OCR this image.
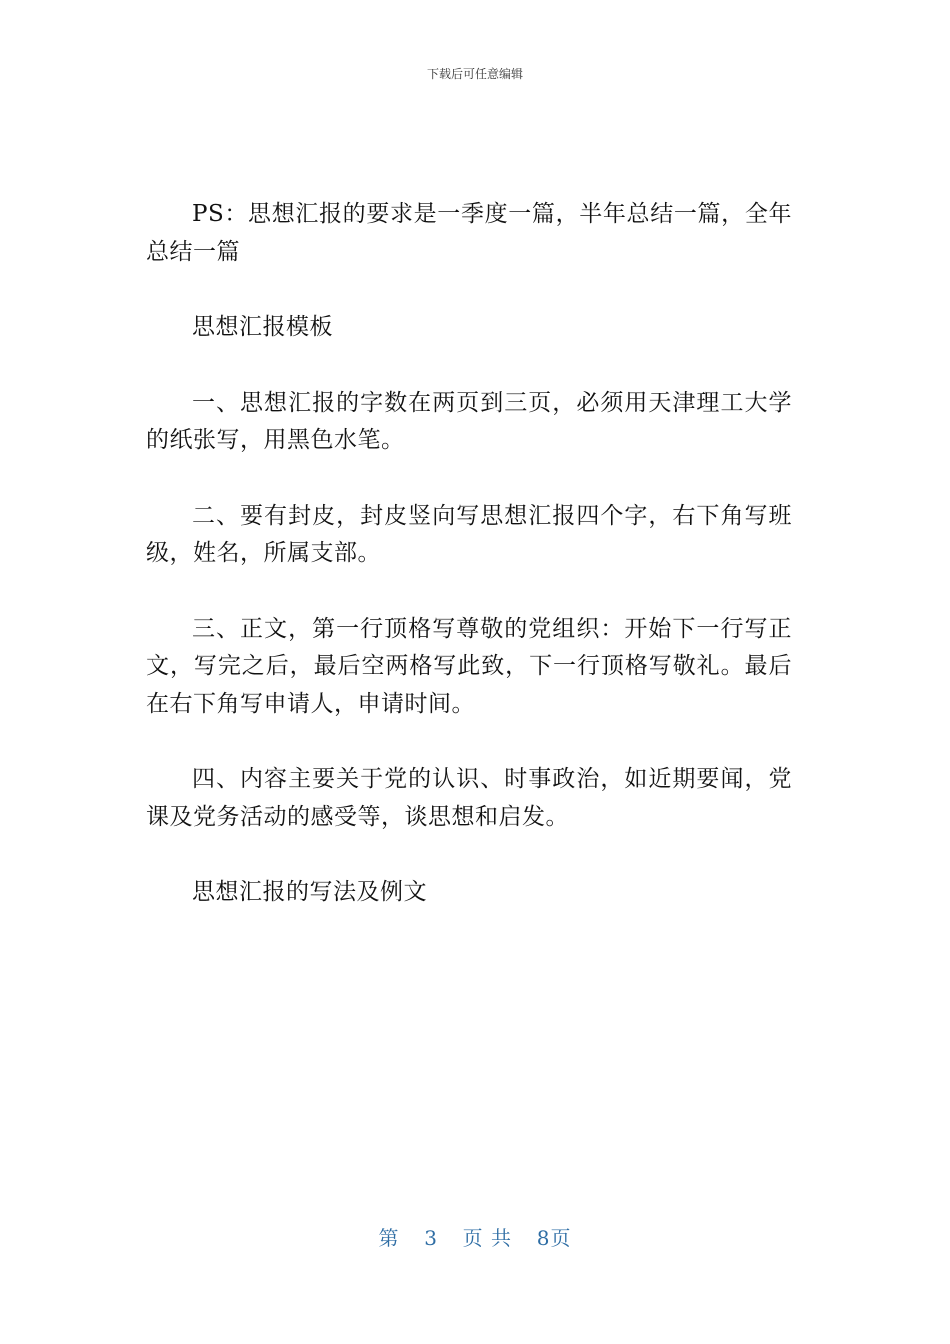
下载后可任意编辑

PS：思想汇报的要求是一季度一篇，半年总结一篇，全年总结一篇

思想汇报模板

一、思想汇报的字数在两页到三页，必须用天津理工大学的纸张写，用黑色水笔。

二、要有封皮，封皮竖向写思想汇报四个字，右下角写班级，姓名，所属支部。

三、正文，第一行顶格写尊敬的党组织：开始下一行写正文，写完之后，最后空两格写此致，下一行顶格写敬礼。最后在右下角写申请人，申请时间。

四、内容主要关于党的认识、时事政治，如近期要闻，党课及党务活动的感受等，谈思想和启发。

思想汇报的写法及例文

第 3 页 共 8页
